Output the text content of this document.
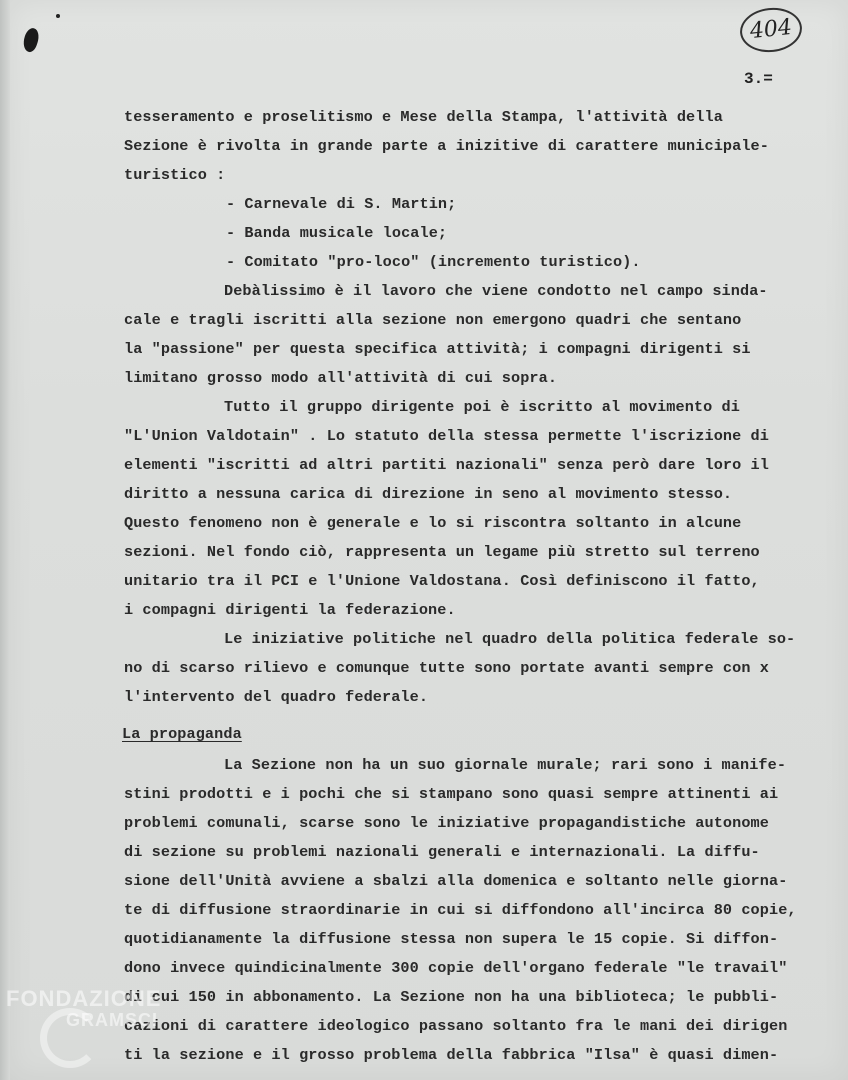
404
3.=
tesseramento e proselitismo e Mese della Stampa, l'attività della
Sezione è rivolta in grande parte a inizitive di carattere municipale-
turistico :
- Carnevale di S. Martin;
- Banda musicale locale;
- Comitato "pro-loco" (incremento turistico).
Debàlissimo è il lavoro che viene condotto nel campo sinda-
cale e tragli iscritti alla sezione non emergono quadri che sentano
la "passione" per questa specifica attività; i compagni dirigenti si
limitano grosso modo all'attività di cui sopra.
Tutto il gruppo dirigente poi è iscritto al movimento di
"L'Union Valdotain" . Lo statuto della stessa permette l'iscrizione di
elementi "iscritti ad altri partiti nazionali" senza però dare loro il
diritto a nessuna carica di direzione in seno al movimento stesso.
Questo fenomeno non è generale e lo si riscontra soltanto in alcune
sezioni. Nel fondo ciò, rappresenta un legame più stretto sul terreno
unitario tra il PCI e l'Unione Valdostana. Così definiscono il fatto,
i compagni dirigenti la federazione.
Le iniziative politiche nel quadro della politica federale so-
no di scarso rilievo e comunque tutte sono portate avanti sempre con x
l'intervento del quadro federale.
La propaganda
La Sezione non ha un suo giornale murale; rari sono i manife-
stini prodotti e i pochi che si stampano sono quasi sempre attinenti ai
problemi comunali, scarse sono le iniziative propagandistiche autonome
di sezione su problemi nazionali generali e internazionali. La diffu-
sione dell'Unità avviene a sbalzi alla domenica e soltanto nelle giorna-
te di diffusione straordinarie in cui si diffondono all'incirca 80 copie,
quotidianamente la diffusione stessa non supera le 15 copie. Si diffon-
dono invece quindicinalmente 300 copie dell'organo federale "le travail"
di cui 150 in abbonamento. La Sezione non ha una biblioteca; le pubbli-
cazioni di carattere ideologico passano soltanto fra le mani dei dirigen
ti la sezione e il grosso problema della fabbrica "Ilsa" è quasi dimen-
FONDAZIONE
GRAMSCI
